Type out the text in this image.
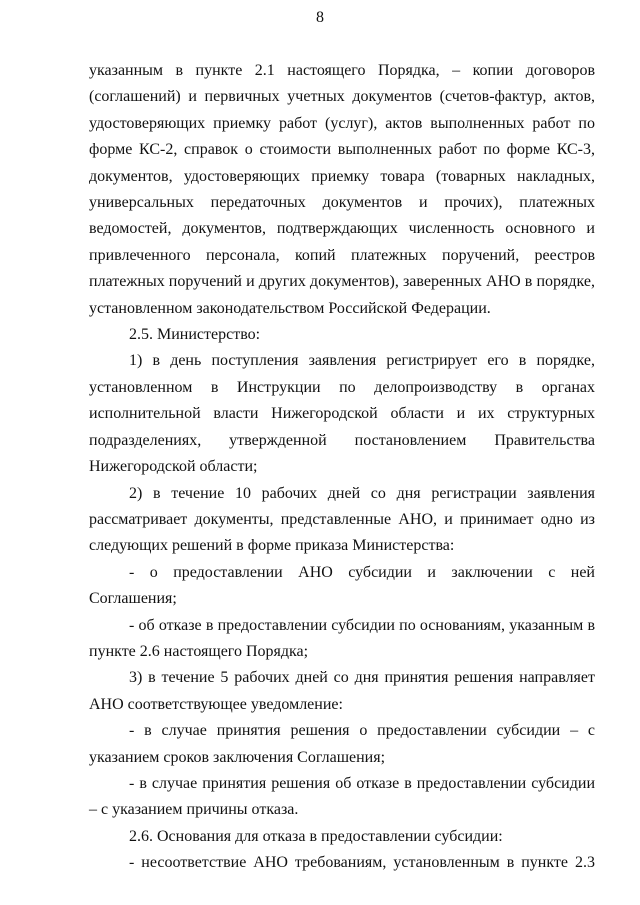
8

указанным в пункте 2.1 настоящего Порядка, – копии договоров (соглашений) и первичных учетных документов (счетов-фактур, актов, удостоверяющих приемку работ (услуг), актов выполненных работ по форме КС-2, справок о стоимости выполненных работ по форме КС-3, документов, удостоверяющих приемку товара (товарных накладных, универсальных передаточных документов и прочих), платежных ведомостей, документов, подтверждающих численность основного и привлеченного персонала, копий платежных поручений, реестров платежных поручений и других документов), заверенных АНО в порядке, установленном законодательством Российской Федерации.

2.5. Министерство:

1) в день поступления заявления регистрирует его в порядке, установленном в Инструкции по делопроизводству в органах исполнительной власти Нижегородской области и их структурных подразделениях, утвержденной постановлением Правительства Нижегородской области;

2) в течение 10 рабочих дней со дня регистрации заявления рассматривает документы, представленные АНО, и принимает одно из следующих решений в форме приказа Министерства:

- о предоставлении АНО субсидии и заключении с ней Соглашения;

- об отказе в предоставлении субсидии по основаниям, указанным в пункте 2.6 настоящего Порядка;

3) в течение 5 рабочих дней со дня принятия решения направляет АНО соответствующее уведомление:

- в случае принятия решения о предоставлении субсидии – с указанием сроков заключения Соглашения;

- в случае принятия решения об отказе в предоставлении субсидии – с указанием причины отказа.

2.6. Основания для отказа в предоставлении субсидии:

- несоответствие АНО требованиям, установленным в пункте 2.3
